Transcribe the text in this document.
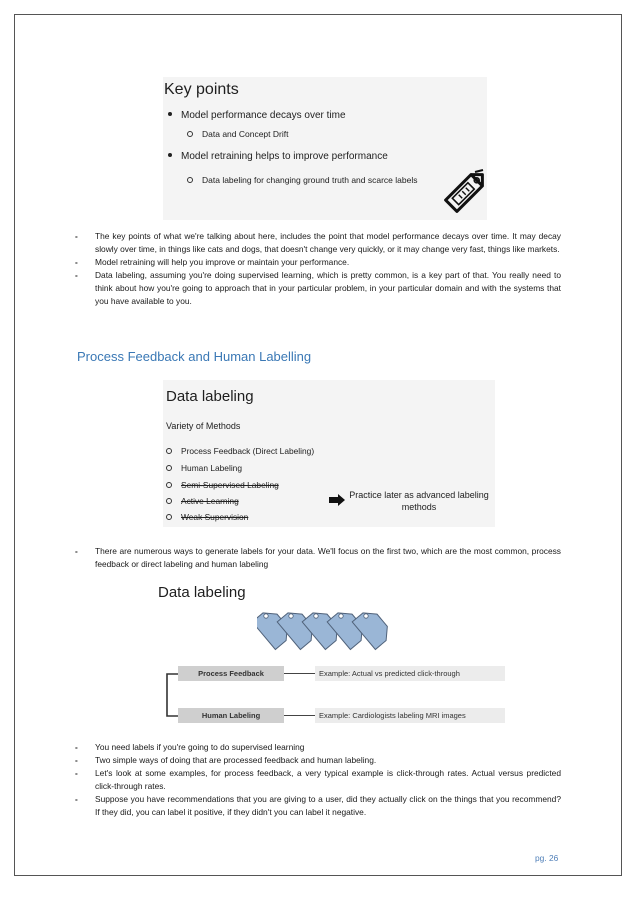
Key points
Model performance decays over time
Data and Concept Drift
Model retraining helps to improve performance
Data labeling for changing ground truth and scarce labels
- The key points of what we're talking about here, includes the point that model performance decays over time. It may decay slowly over time, in things like cats and dogs, that doesn't change very quickly, or it may change very fast, things like markets.
- Model retraining will help you improve or maintain your performance.
- Data labeling, assuming you're doing supervised learning, which is pretty common, is a key part of that. You really need to think about how you're going to approach that in your particular problem, in your particular domain and with the systems that you have available to you.
Process Feedback and Human Labelling
Data labeling
Variety of Methods
Process Feedback (Direct Labeling)
Human Labeling
Semi-Supervised Labeling
Active Learning
Weak Supervision
Practice later as advanced labeling methods
- There are numerous ways to generate labels for your data. We'll focus on the first two, which are the most common, process feedback or direct labeling and human labeling
Data labeling
Process Feedback	Example: Actual vs predicted click-through
Human Labeling	Example: Cardiologists labeling MRI images
- You need labels if you're going to do supervised learning
- Two simple ways of doing that are processed feedback and human labeling.
- Let's look at some examples, for process feedback, a very typical example is click-through rates. Actual versus predicted click-through rates.
- Suppose you have recommendations that you are giving to a user, did they actually click on the things that you recommend? If they did, you can label it positive, if they didn't you can label it negative.
pg. 26
